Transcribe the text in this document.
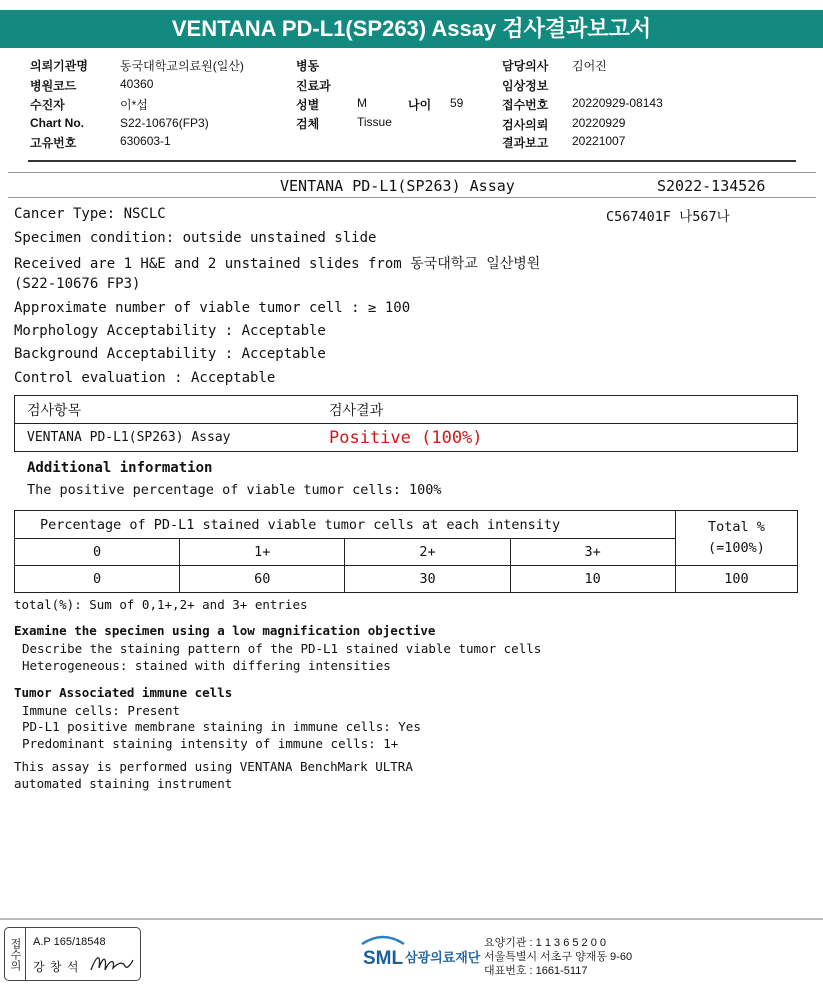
VENTANA PD-L1(SP263) Assay 검사결과보고서
의뢰기관명	동국대학교의료원(일산)
병원코드	40360
수진자	이*섭
Chart No.	S22-10676(FP3)
고유번호	630603-1
병동
진료과
성별	M	나이 59
검체	Tissue
담당의사 김어진
임상정보
접수번호 20220929-08143
검사의뢰 20220929
결과보고 20221007
VENTANA PD-L1(SP263) Assay	S2022-134526
C567401F 나567나
Cancer Type: NSCLC
Specimen condition: outside unstained slide
Received are 1 H&E and 2 unstained slides from 동국대학교 일산병원
(S22-10676 FP3)
Approximate number of viable tumor cell : ≥ 100
Morphology Acceptability : Acceptable
Background Acceptability : Acceptable
Control evaluation : Acceptable
검사항목	검사결과
VENTANA PD-L1(SP263) Assay	Positive (100%)
Additional information
The positive percentage of viable tumor cells: 100%
Percentage of PD-L1 stained viable tumor cells at each intensity				Total %
(=100%)

0	1+	2+	3+	
0	60	30	10	100
total(%): Sum of 0,1+,2+ and 3+ entries
Examine the specimen using a low magnification objective
Describe the staining pattern of the PD-L1 stained viable tumor cells
Heterogeneous: stained with differing intensities
Tumor Associated immune cells
Immune cells: Present
PD-L1 positive membrane staining in immune cells: Yes
Predominant staining intensity of immune cells: 1+
This assay is performed using VENTANA BenchMark ULTRA
automated staining instrument
접수의	A.P 165/18548
강 창 석	SML 삼광의료재단
요양기관 : 1 1 3 6 5 2 0 0
서울특별시 서초구 양재동 9-60
대표번호 : 1661-5117
